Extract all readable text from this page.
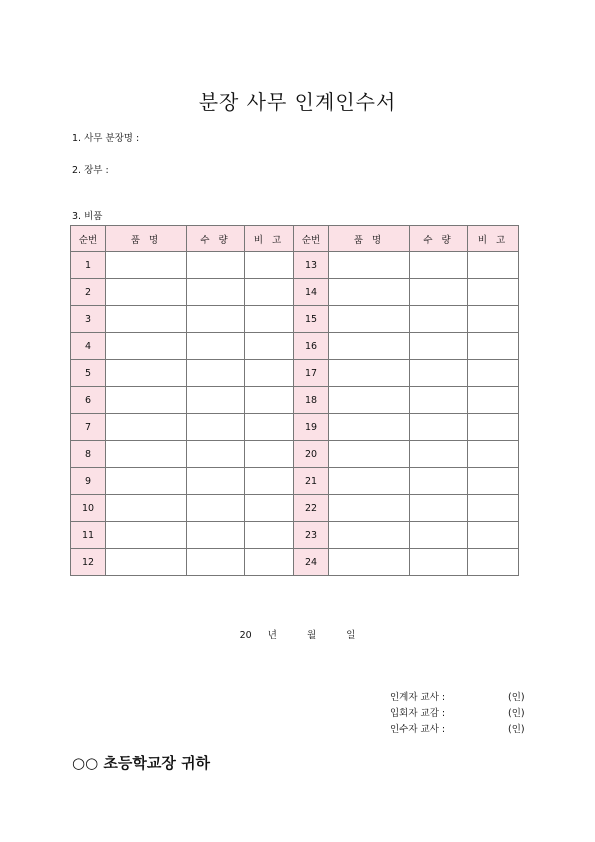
분장 사무 인계인수서
1. 사무 분장명 :
2. 장부 :
3. 비품
순번	품 명	수 량	비 고	순번	품 명	수 량	비 고
1				13			
2				14			
3				15			
4				16			
5				17			
6				18			
7				19			
8				20			
9				21			
10				22			
11				23			
12				24			
20 년	월	일
인계자 교사 :	(인)
입회자 교감 :	(인)
인수자 교사 :	(인)
○○ 초등학교장 귀하
